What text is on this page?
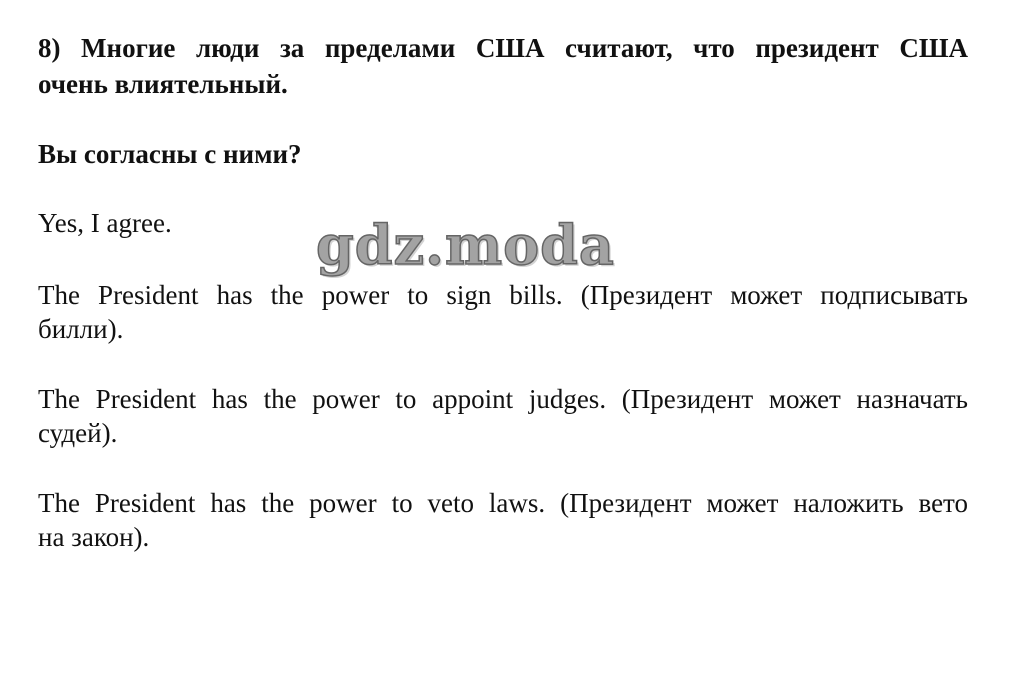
8) Многие люди за пределами США считают, что президент США
очень влиятельный.

Вы согласны с ними?

Yes, I agree.

The President has the power to sign bills. (Президент может подписывать
билли).

The President has the power to appoint judges. (Президент может назначать
судей).

The President has the power to veto laws. (Президент может наложить вето
на закон).

gdz.moda
